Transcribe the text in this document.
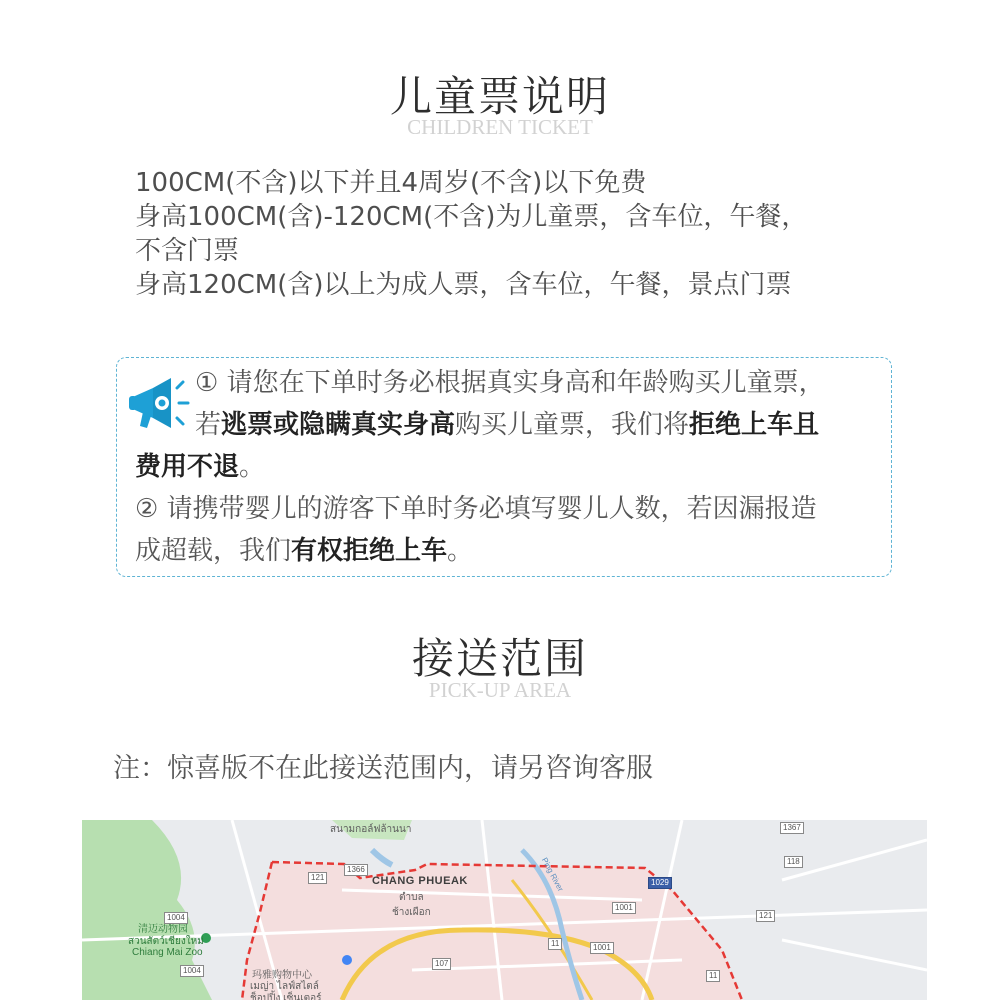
儿童票说明
CHILDREN TICKET
100CM(不含)以下并且4周岁(不含)以下免费
身高100CM(含)-120CM(不含)为儿童票，含车位，午餐，
不含门票
身高120CM(含)以上为成人票，含车位，午餐，景点门票
① 请您在下单时务必根据真实身高和年龄购买儿童票，
若逃票或隐瞒真实身高购买儿童票，我们将拒绝上车且
费用不退。
② 请携带婴儿的游客下单时务必填写婴儿人数，若因漏报造
成超载，我们有权拒绝上车。
接送范围
PICK-UP AREA
注：惊喜版不在此接送范围内，请另咨询客服
สนามกอล์ฟล้านนา
CHANG PHUEAK
ตำบล
ช้างเผือก
清迈动物园
สวนสัตว์เชียงใหม่
Chiang Mai Zoo
玛雅购物中心
เมญ่า ไลฟ์สไตล์
ช็อปปิ้ง เซ็นเตอร์
Ping River
1004
1004
121
1366
1001
1001
107
11
1029
121
118
1367
11
